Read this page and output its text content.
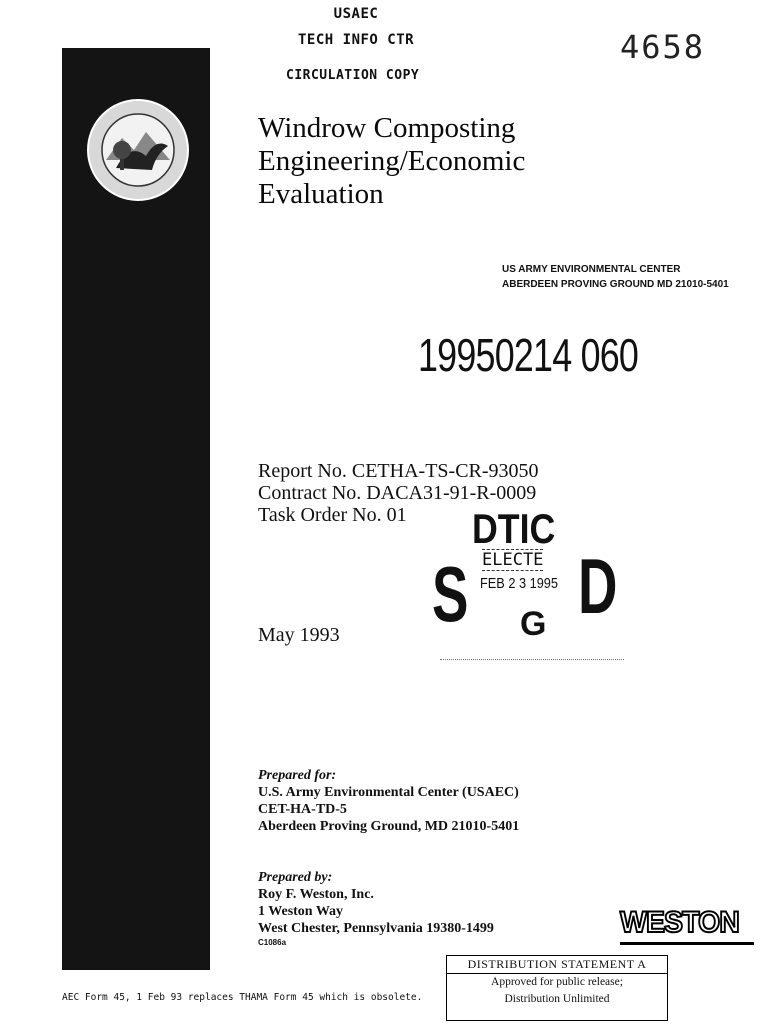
USAEC
TECH INFO CTR
CIRCULATION COPY
4658
Windrow Composting
Engineering/Economic
Evaluation
US ARMY ENVIRONMENTAL CENTER
ABERDEEN PROVING GROUND MD 21010-5401
19950214 060
Report No. CETHA-TS-CR-93050
Contract No. DACA31-91-R-0009
Task Order No. 01	DTIC
ELECTE
FEB 2 3 1995
S D
G
May 1993
Prepared for:
U.S. Army Environmental Center (USAEC)
CET-HA-TD-5
Aberdeen Proving Ground, MD 21010-5401
Prepared by:
Roy F. Weston, Inc.
1 Weston Way
West Chester, Pennsylvania 19380-1499
C1086a
WESTON
AEC Form 45, 1 Feb 93 replaces THAMA Form 45 which is obsolete.
DISTRIBUTION STATEMENT A
Approved for public release;
Distribution Unlimited
